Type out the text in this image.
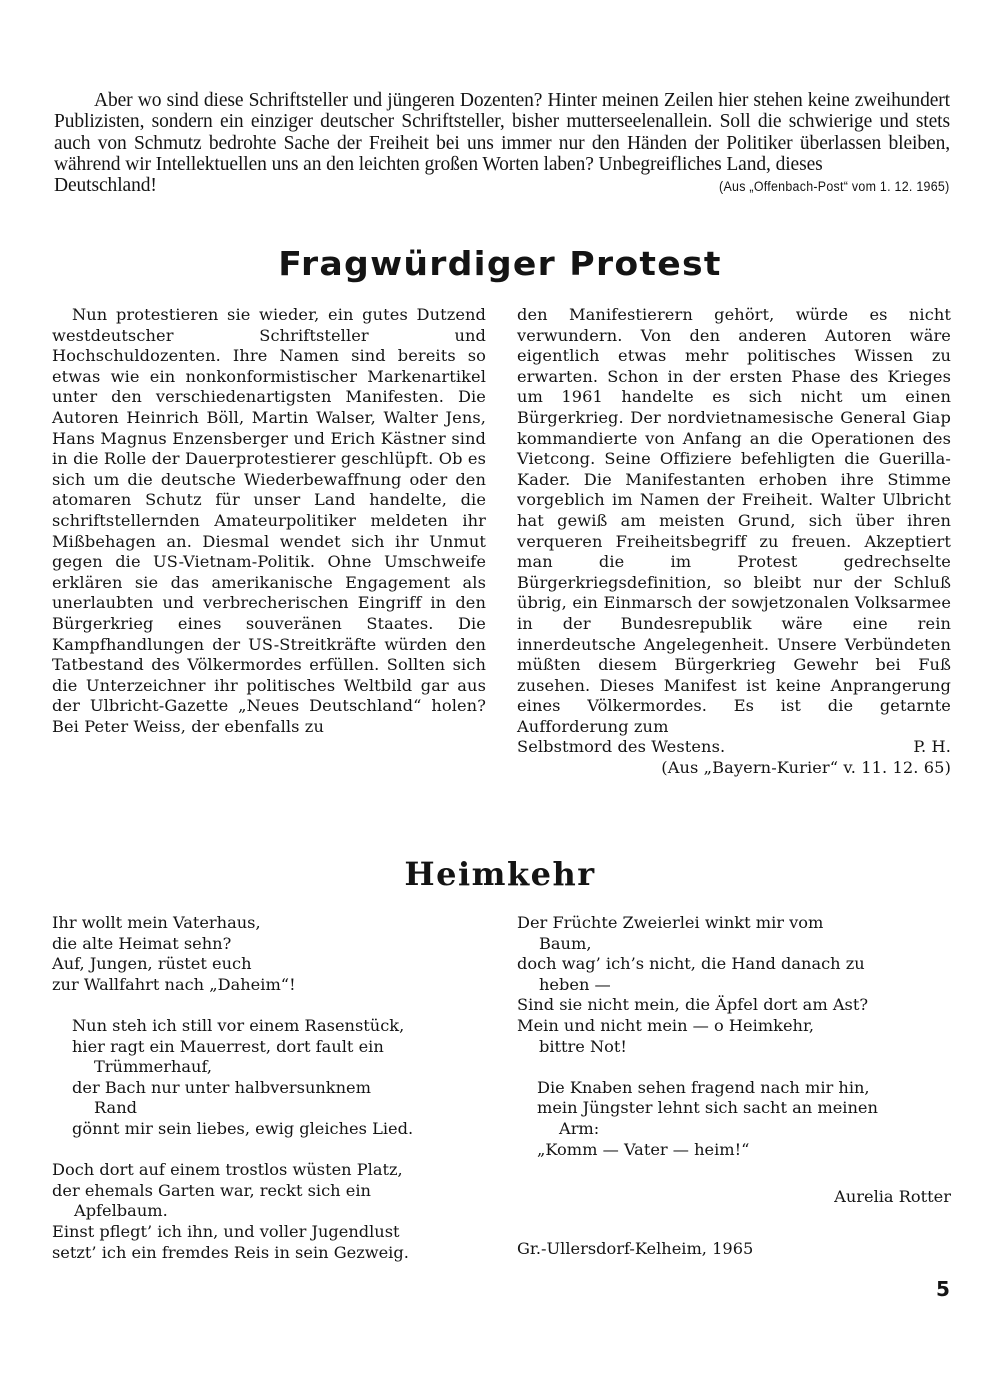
Aber wo sind diese Schriftsteller und jüngeren Dozenten? Hinter meinen Zeilen hier stehen keine zweihundert Publizisten, sondern ein einziger deutscher Schriftsteller, bisher mutterseelenallein. Soll die schwierige und stets auch von Schmutz bedrohte Sache der Freiheit bei uns immer nur den Händen der Politiker überlassen bleiben, während wir Intellektuellen uns an den leichten großen Worten laben? Unbegreifliches Land, dieses

Deutschland!	(Aus „Offenbach-Post“ vom 1. 12. 1965)
Fragwürdiger Protest

Nun protestieren sie wieder, ein gutes Dutzend westdeutscher Schriftsteller und Hochschuldozenten. Ihre Namen sind bereits so etwas wie ein nonkonformistischer Markenartikel unter den verschiedenartigsten Manifesten. Die Autoren Heinrich Böll, Martin Walser, Walter Jens, Hans Magnus Enzensberger und Erich Kästner sind in die Rolle der Dauerprotestierer geschlüpft. Ob es sich um die deutsche Wiederbewaffnung oder den atomaren Schutz für unser Land handelte, die schriftstellernden Amateurpolitiker meldeten ihr Mißbehagen an. Diesmal wendet sich ihr Unmut gegen die US-Vietnam-Politik. Ohne Umschweife erklären sie das amerikanische Engagement als unerlaubten und verbrecherischen Eingriff in den Bürgerkrieg eines souveränen Staates. Die Kampfhandlungen der US-Streitkräfte würden den Tatbestand des Völkermordes erfüllen. Sollten sich die Unterzeichner ihr politisches Weltbild gar aus der Ulbricht-Gazette „Neues Deutschland“ holen? Bei Peter Weiss, der ebenfalls zu

den Manifestierern gehört, würde es nicht verwundern. Von den anderen Autoren wäre eigentlich etwas mehr politisches Wissen zu erwarten. Schon in der ersten Phase des Krieges um 1961 handelte es sich nicht um einen Bürgerkrieg. Der nordvietnamesische General Giap kommandierte von Anfang an die Operationen des Vietcong. Seine Offiziere befehligten die Guerilla-Kader. Die Manifestanten erhoben ihre Stimme vorgeblich im Namen der Freiheit. Walter Ulbricht hat gewiß am meisten Grund, sich über ihren verqueren Freiheitsbegriff zu freuen. Akzeptiert man die im Protest gedrechselte Bürgerkriegsdefinition, so bleibt nur der Schluß übrig, ein Einmarsch der sowjetzonalen Volksarmee in der Bundesrepublik wäre eine rein innerdeutsche Angelegenheit. Unsere Verbündeten müßten diesem Bürgerkrieg Gewehr bei Fuß zusehen. Dieses Manifest ist keine Anprangerung eines Völkermordes. Es ist die getarnte Aufforderung zum

Selbstmord des Westens.	P. H.
(Aus „Bayern-Kurier“ v. 11. 12. 65)
Heimkehr
Ihr wollt mein Vaterhaus,
die alte Heimat sehn?
Auf, Jungen, rüstet euch
zur Wallfahrt nach „Daheim“!
Nun steh ich still vor einem Rasenstück,
hier ragt ein Mauerrest, dort fault ein
Trümmerhauf,
der Bach nur unter halbversunknem
Rand
gönnt mir sein liebes, ewig gleiches Lied.
Doch dort auf einem trostlos wüsten Platz,
der ehemals Garten war, reckt sich ein
Apfelbaum.
Einst pflegt’ ich ihn, und voller Jugendlust
setzt’ ich ein fremdes Reis in sein Gezweig.
Der Früchte Zweierlei winkt mir vom
Baum,
doch wag’ ich’s nicht, die Hand danach zu
heben —
Sind sie nicht mein, die Äpfel dort am Ast?
Mein und nicht mein — o Heimkehr,
bittre Not!
Die Knaben sehen fragend nach mir hin,
mein Jüngster lehnt sich sacht an meinen
Arm:
„Komm — Vater — heim!“
Aurelia Rotter
Gr.-Ullersdorf-Kelheim, 1965
5
